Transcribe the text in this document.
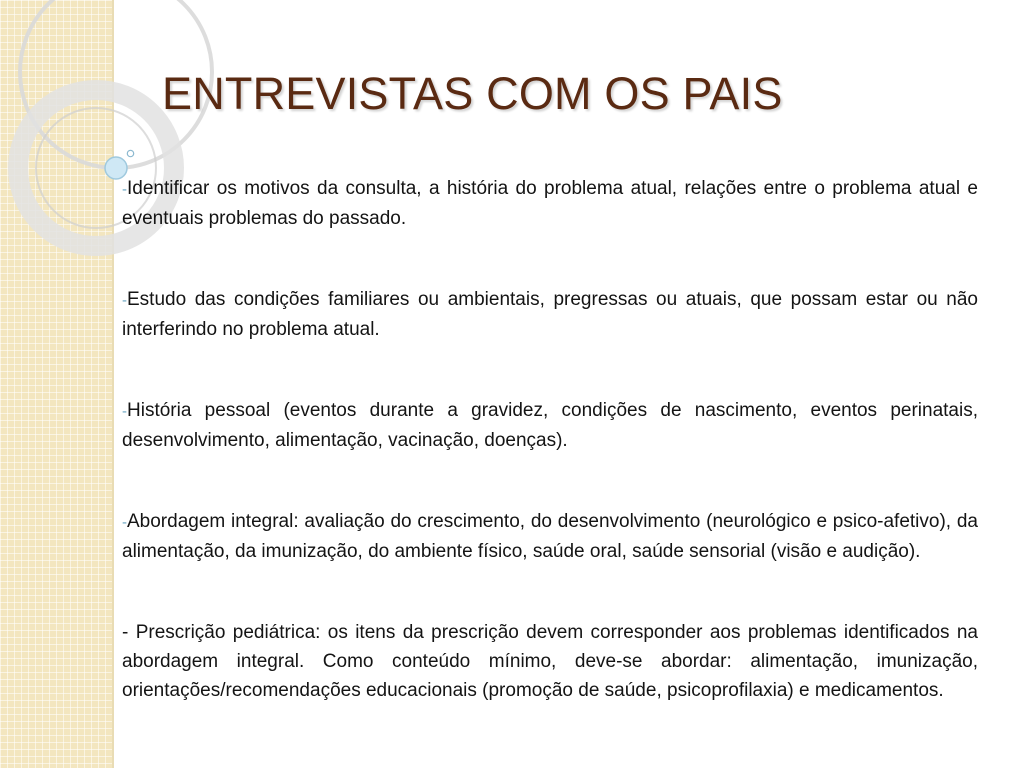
ENTREVISTAS COM OS PAIS

-Identificar os motivos da consulta, a história do problema atual, relações entre o problema atual e eventuais problemas do passado.

-Estudo das condições familiares ou ambientais, pregressas ou atuais, que possam estar ou não interferindo no problema atual.

-História pessoal (eventos durante a gravidez, condições de nascimento, eventos perinatais, desenvolvimento, alimentação, vacinação, doenças).

-Abordagem integral: avaliação do crescimento, do desenvolvimento (neurológico e psico-afetivo), da alimentação, da imunização, do ambiente físico, saúde oral, saúde sensorial (visão e audição).

- Prescrição pediátrica: os itens da prescrição devem corresponder aos problemas identificados na abordagem integral. Como conteúdo mínimo, deve-se abordar: alimentação, imunização, orientações/recomendações educacionais (promoção de saúde, psicoprofilaxia) e medicamentos.
